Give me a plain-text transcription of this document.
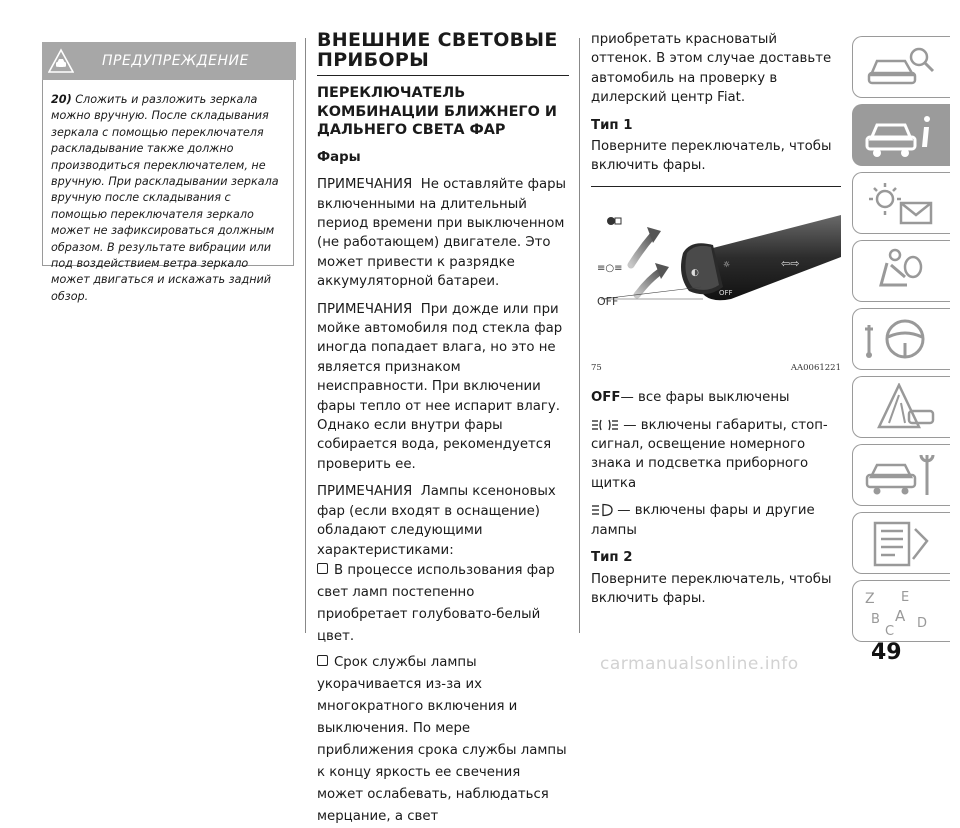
ПРЕДУПРЕЖДЕНИЕ
20) Сложить и разложить зеркала можно вручную. После складывания зеркала с помощью переключателя раскладывание также должно производиться переключателем, не вручную. При раскладывании зеркала вручную после складывания с помощью переключателя зеркало может не зафиксироваться должным образом. В результате вибрации или под воздействием ветра зеркало может двигаться и искажать задний обзор.
ВНЕШНИЕ СВЕТОВЫЕ
ПРИБОРЫ
ПЕРЕКЛЮЧАТЕЛЬ КОМБИНАЦИИ БЛИЖНЕГО И ДАЛЬНЕГО СВЕТА ФАР
Фары
ПРИМЕЧАНИЯ Не оставляйте фары включенными на длительный период времени при выключенном (не работающем) двигателе. Это может привести к разрядке аккумуляторной батареи.
ПРИМЕЧАНИЯ При дожде или при мойке автомобиля под стекла фар иногда попадает влага, но это не является признаком неисправности. При включении фары тепло от нее испарит влагу. Однако если внутри фары собирается вода, рекомендуется проверить ее.
ПРИМЕЧАНИЯ Лампы ксеноновых фар (если входят в оснащение) обладают следующими характеристиками:
В процессе использования фар свет ламп постепенно приобретает голубовато-белый цвет.
Срок службы лампы укорачивается из-за их многократного включения и выключения. По мере приближения срока службы лампы к концу яркость ее свечения может ослабевать, наблюдаться мерцание, а свет
приобретать красноватый оттенок. В этом случае доставьте автомобиль на проверку в дилерский центр Fiat.
Тип 1
Поверните переключатель, чтобы включить фары.
◐
☼
OFF
⇦⇨
≡○≡
OFF
75	AA0061221
OFF— все фары выключены
— включены габариты, стоп-сигнал, освещение номерного знака и подсветка приборного щитка
— включены фары и другие лампы
Тип 2
Поверните переключатель, чтобы включить фары.	Z E
B A D
C
49
carmanualsonline.info
